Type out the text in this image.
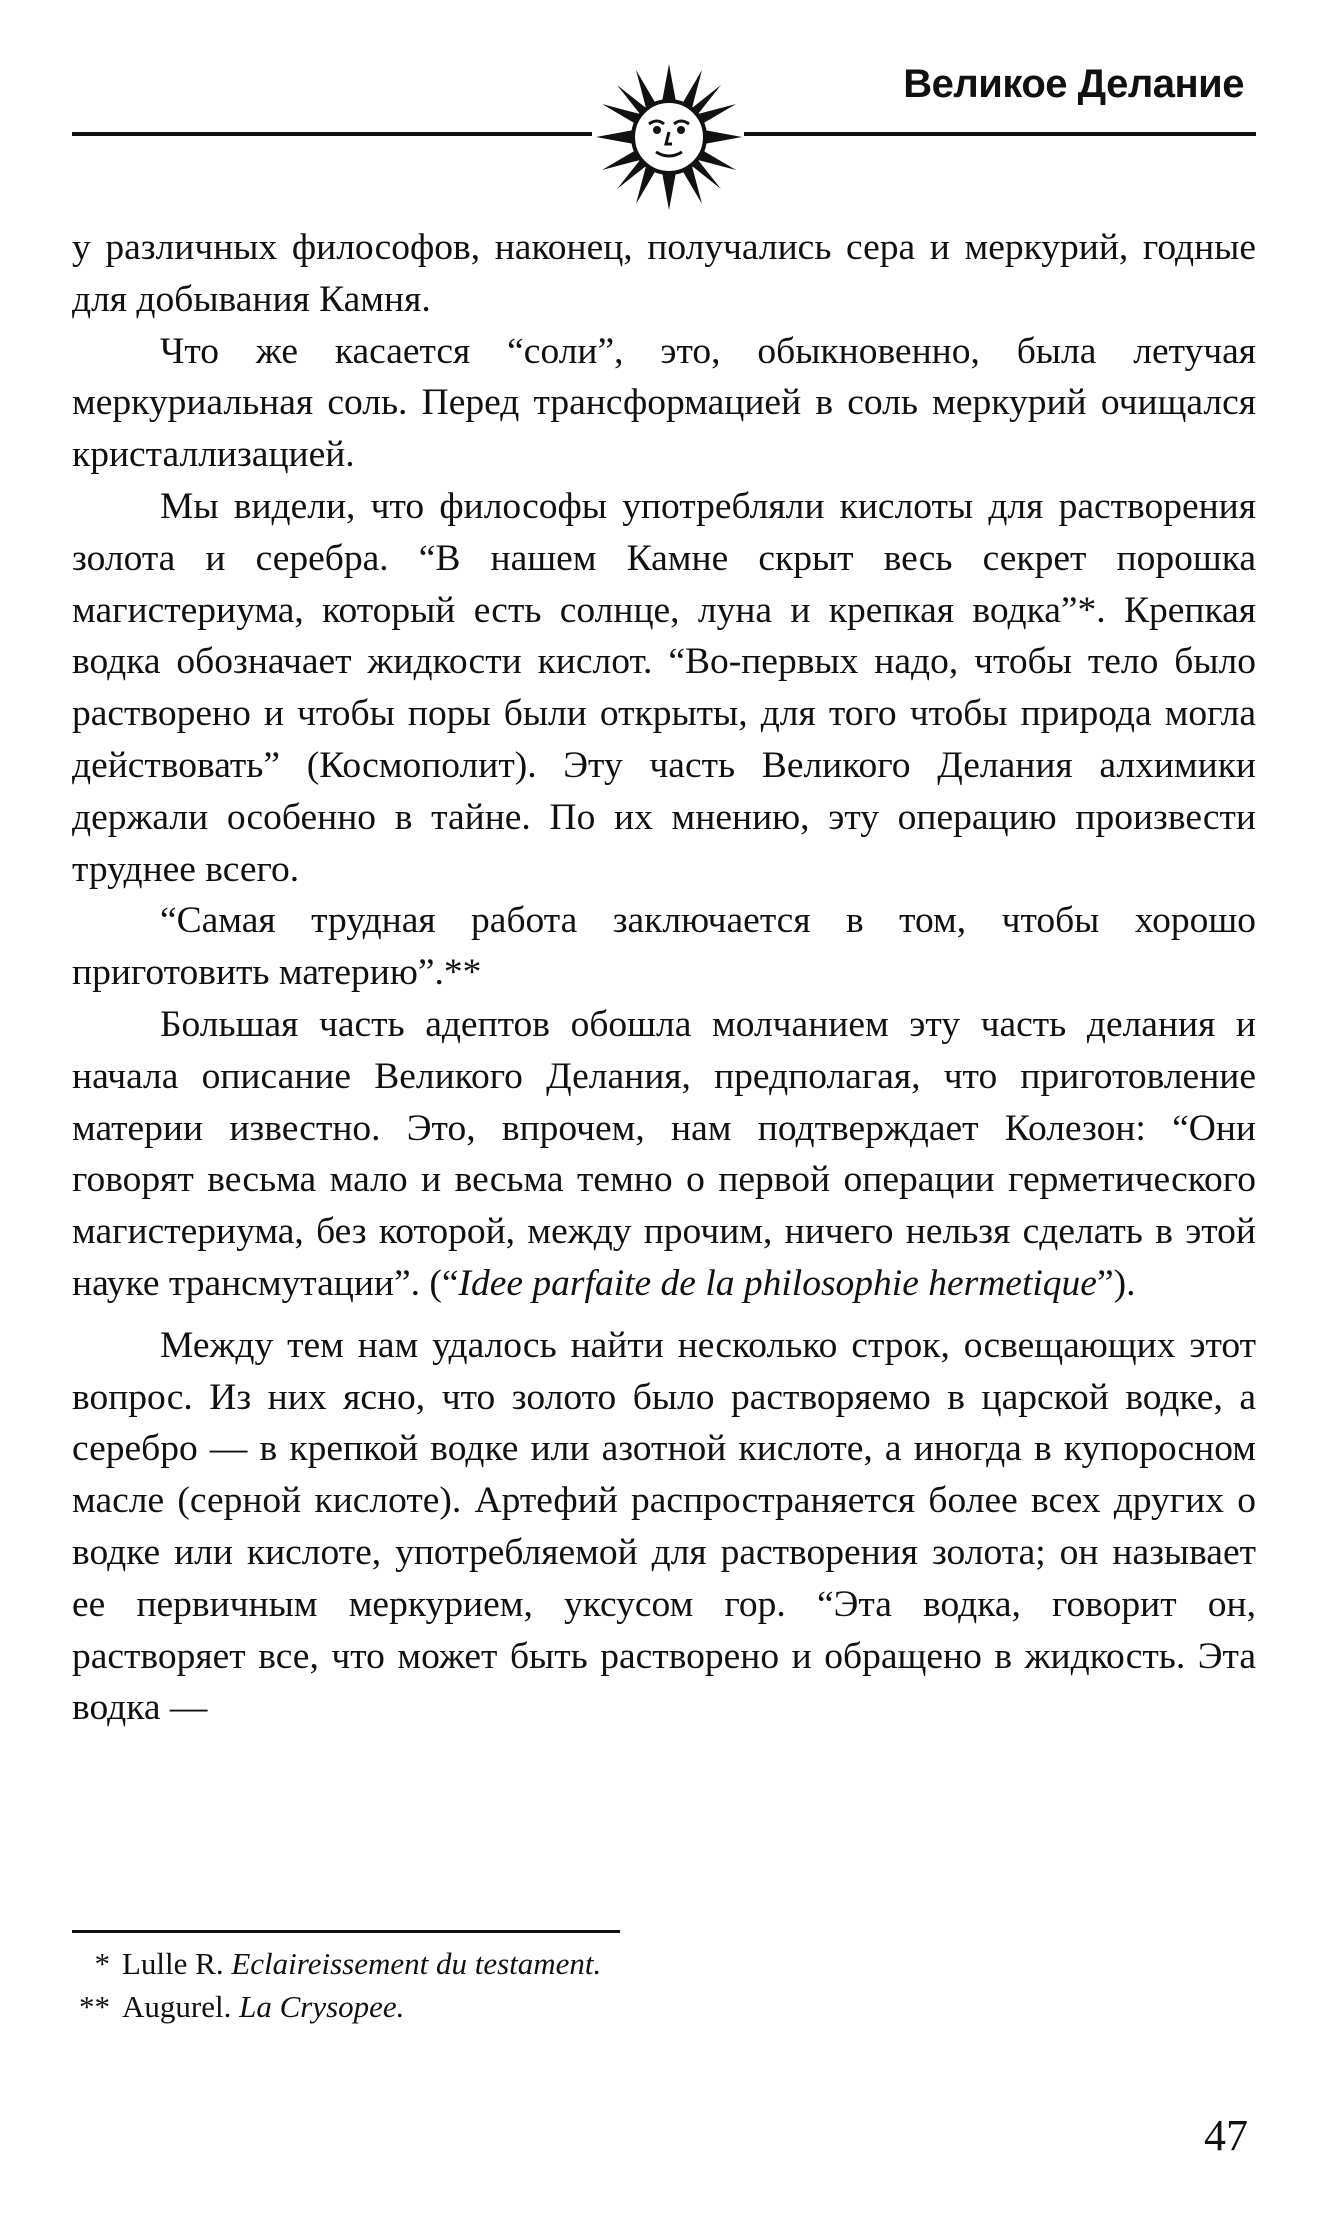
Великое Делание

у различных философов, наконец, получались сера и меркурий, годные для добывания Камня.

Что же касается “соли”, это, обыкновенно, была летучая меркуриальная соль. Перед трансформацией в соль меркурий очищался кристаллизацией.

Мы видели, что философы употребляли кислоты для растворения золота и серебра. “В нашем Камне скрыт весь секрет порошка магистериума, который есть солнце, луна и крепкая водка”*. Крепкая водка обозначает жидкости кислот. “Во-первых надо, чтобы тело было растворено и чтобы поры были открыты, для того чтобы природа могла действовать” (Космополит). Эту часть Великого Делания алхимики держали особенно в тайне. По их мнению, эту операцию произвести труднее всего.

“Самая трудная работа заключается в том, чтобы хорошо приготовить материю”.**

Большая часть адептов обошла молчанием эту часть делания и начала описание Великого Делания, предполагая, что приготовление материи известно. Это, впрочем, нам подтверждает Колезон: “Они говорят весьма мало и весьма темно о первой операции герметического магистериума, без которой, между прочим, ничего нельзя сделать в этой науке трансмутации”. (“Idee parfaite de la philosophie hermetique”).

Между тем нам удалось найти несколько строк, освещающих этот вопрос. Из них ясно, что золото было растворяемо в царской водке, а серебро — в крепкой водке или азотной кислоте, а иногда в купоросном масле (серной кислоте). Артефий распространяется более всех других о водке или кислоте, употребляемой для растворения золота; он называет ее первичным меркурием, уксусом гор. “Эта водка, говорит он, растворяет все, что может быть растворено и обращено в жидкость. Эта водка —

* Lulle R. Eclaireissement du testament.
** Augurel. La Crysopee.
47
